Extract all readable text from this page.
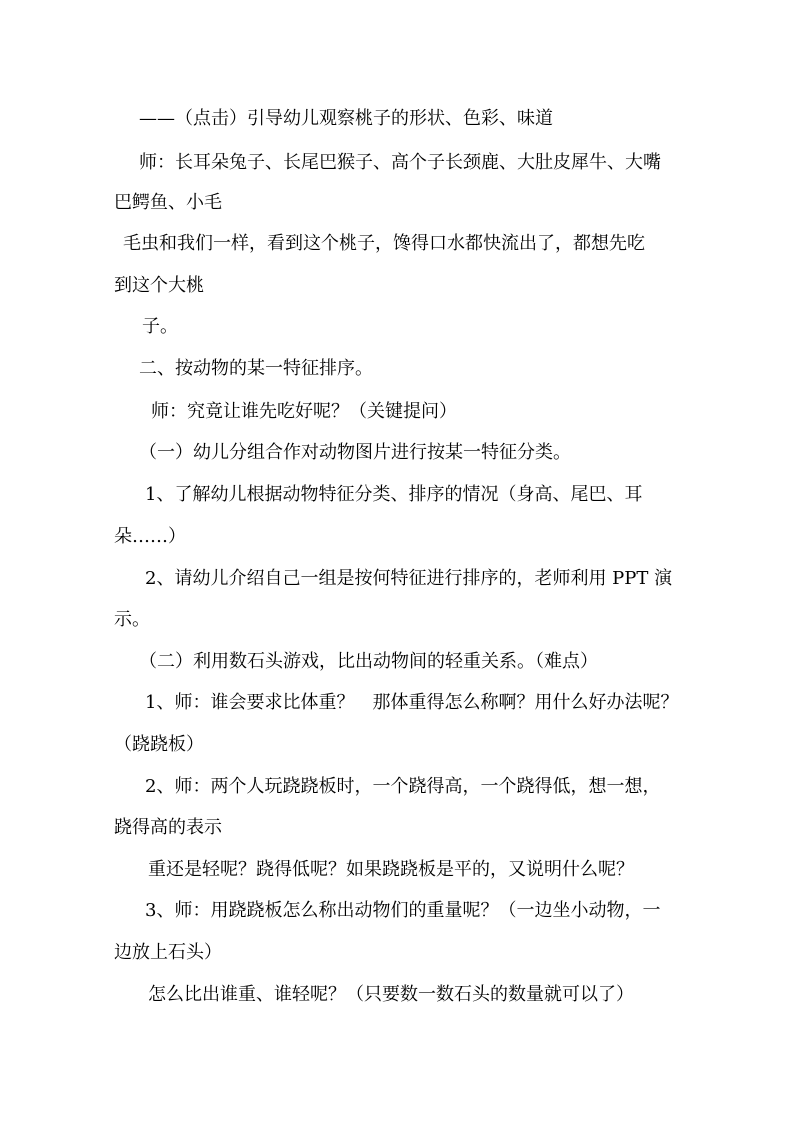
——（点击）引导幼儿观察桃子的形状、色彩、味道
师：长耳朵兔子、长尾巴猴子、高个子长颈鹿、大肚皮犀牛、大嘴
巴鳄鱼、小毛
毛虫和我们一样，看到这个桃子，馋得口水都快流出了，都想先吃
到这个大桃
子。
二、按动物的某一特征排序。
师：究竟让谁先吃好呢？（关键提问）
（一）幼儿分组合作对动物图片进行按某一特征分类。
1、了解幼儿根据动物特征分类、排序的情况（身高、尾巴、耳
朵……）
2、请幼儿介绍自己一组是按何特征进行排序的，老师利用 PPT 演
示。
（二）利用数石头游戏，比出动物间的轻重关系。（难点）
1、师：谁会要求比体重？　那体重得怎么称啊？用什么好办法呢？
（跷跷板）
2、师：两个人玩跷跷板时，一个跷得高，一个跷得低，想一想，
跷得高的表示
重还是轻呢？跷得低呢？如果跷跷板是平的，又说明什么呢？
3、师：用跷跷板怎么称出动物们的重量呢？（一边坐小动物，一
边放上石头）
怎么比出谁重、谁轻呢？（只要数一数石头的数量就可以了）
